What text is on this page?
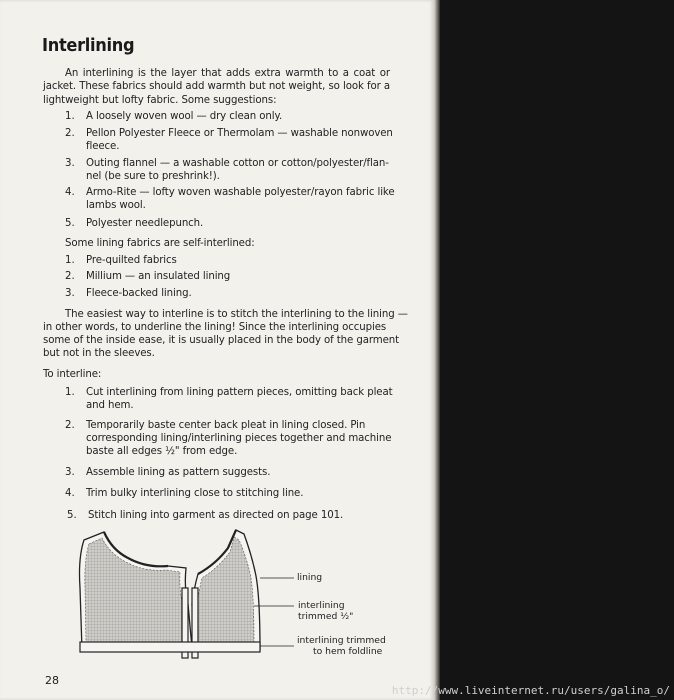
Interlining

An interlining is the layer that adds extra warmth to a coat or jacket. These fabrics should add warmth but not weight, so look for a lightweight but lofty fabric. Some suggestions:

1. A loosely woven wool — dry clean only.
2. Pellon Polyester Fleece or Thermolam — washable nonwoven
fleece.
3. Outing flannel — a washable cotton or cotton/polyester/flan-
nel (be sure to preshrink!).
4. Armo-Rite — lofty woven washable polyester/rayon fabric like
lambs wool.
5. Polyester needlepunch.

Some lining fabrics are self-interlined:

1. Pre-quilted fabrics
2. Millium — an insulated lining
3. Fleece-backed lining.
The easiest way to interline is to stitch the interlining to the lining —
in other words, to underline the lining! Since the interlining occupies
some of the inside ease, it is usually placed in the body of the garment
but not in the sleeves.

To interline:

1. Cut interlining from lining pattern pieces, omitting back pleat
and hem.
2. Temporarily baste center back pleat in lining closed. Pin
corresponding lining/interlining pieces together and machine
baste all edges ½" from edge.
3. Assemble lining as pattern suggests.
4. Trim bulky interlining close to stitching line.
5. Stitch lining into garment as directed on page 101.
lining
interlining
trimmed ½"
interlining trimmed
to hem foldline
28
http://www.liveinternet.ru/users/galina_o/
